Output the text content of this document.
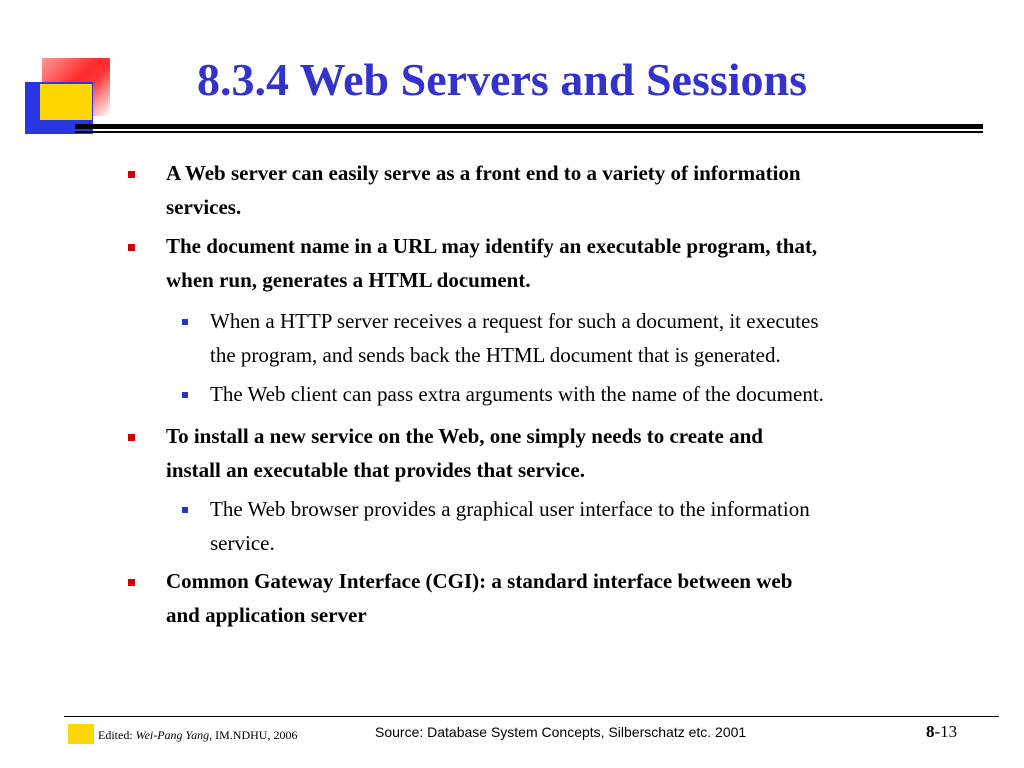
8.3.4 Web Servers and Sessions
A Web server can easily serve as a front end to a variety of information
services.
The document name in a URL may identify an executable program, that,
when run, generates a HTML document.
When a HTTP server receives a request for such a document, it executes
the program, and sends back the HTML document that is generated.
The Web client can pass extra arguments with the name of the document.
To install a new service on the Web, one simply needs to create and
install an executable that provides that service.
The Web browser provides a graphical user interface to the information
service.
Common Gateway Interface (CGI): a standard interface between web
and application server
Edited: Wei-Pang Yang, IM.NDHU, 2006	Source: Database System Concepts, Silberschatz etc. 2001	8-13
